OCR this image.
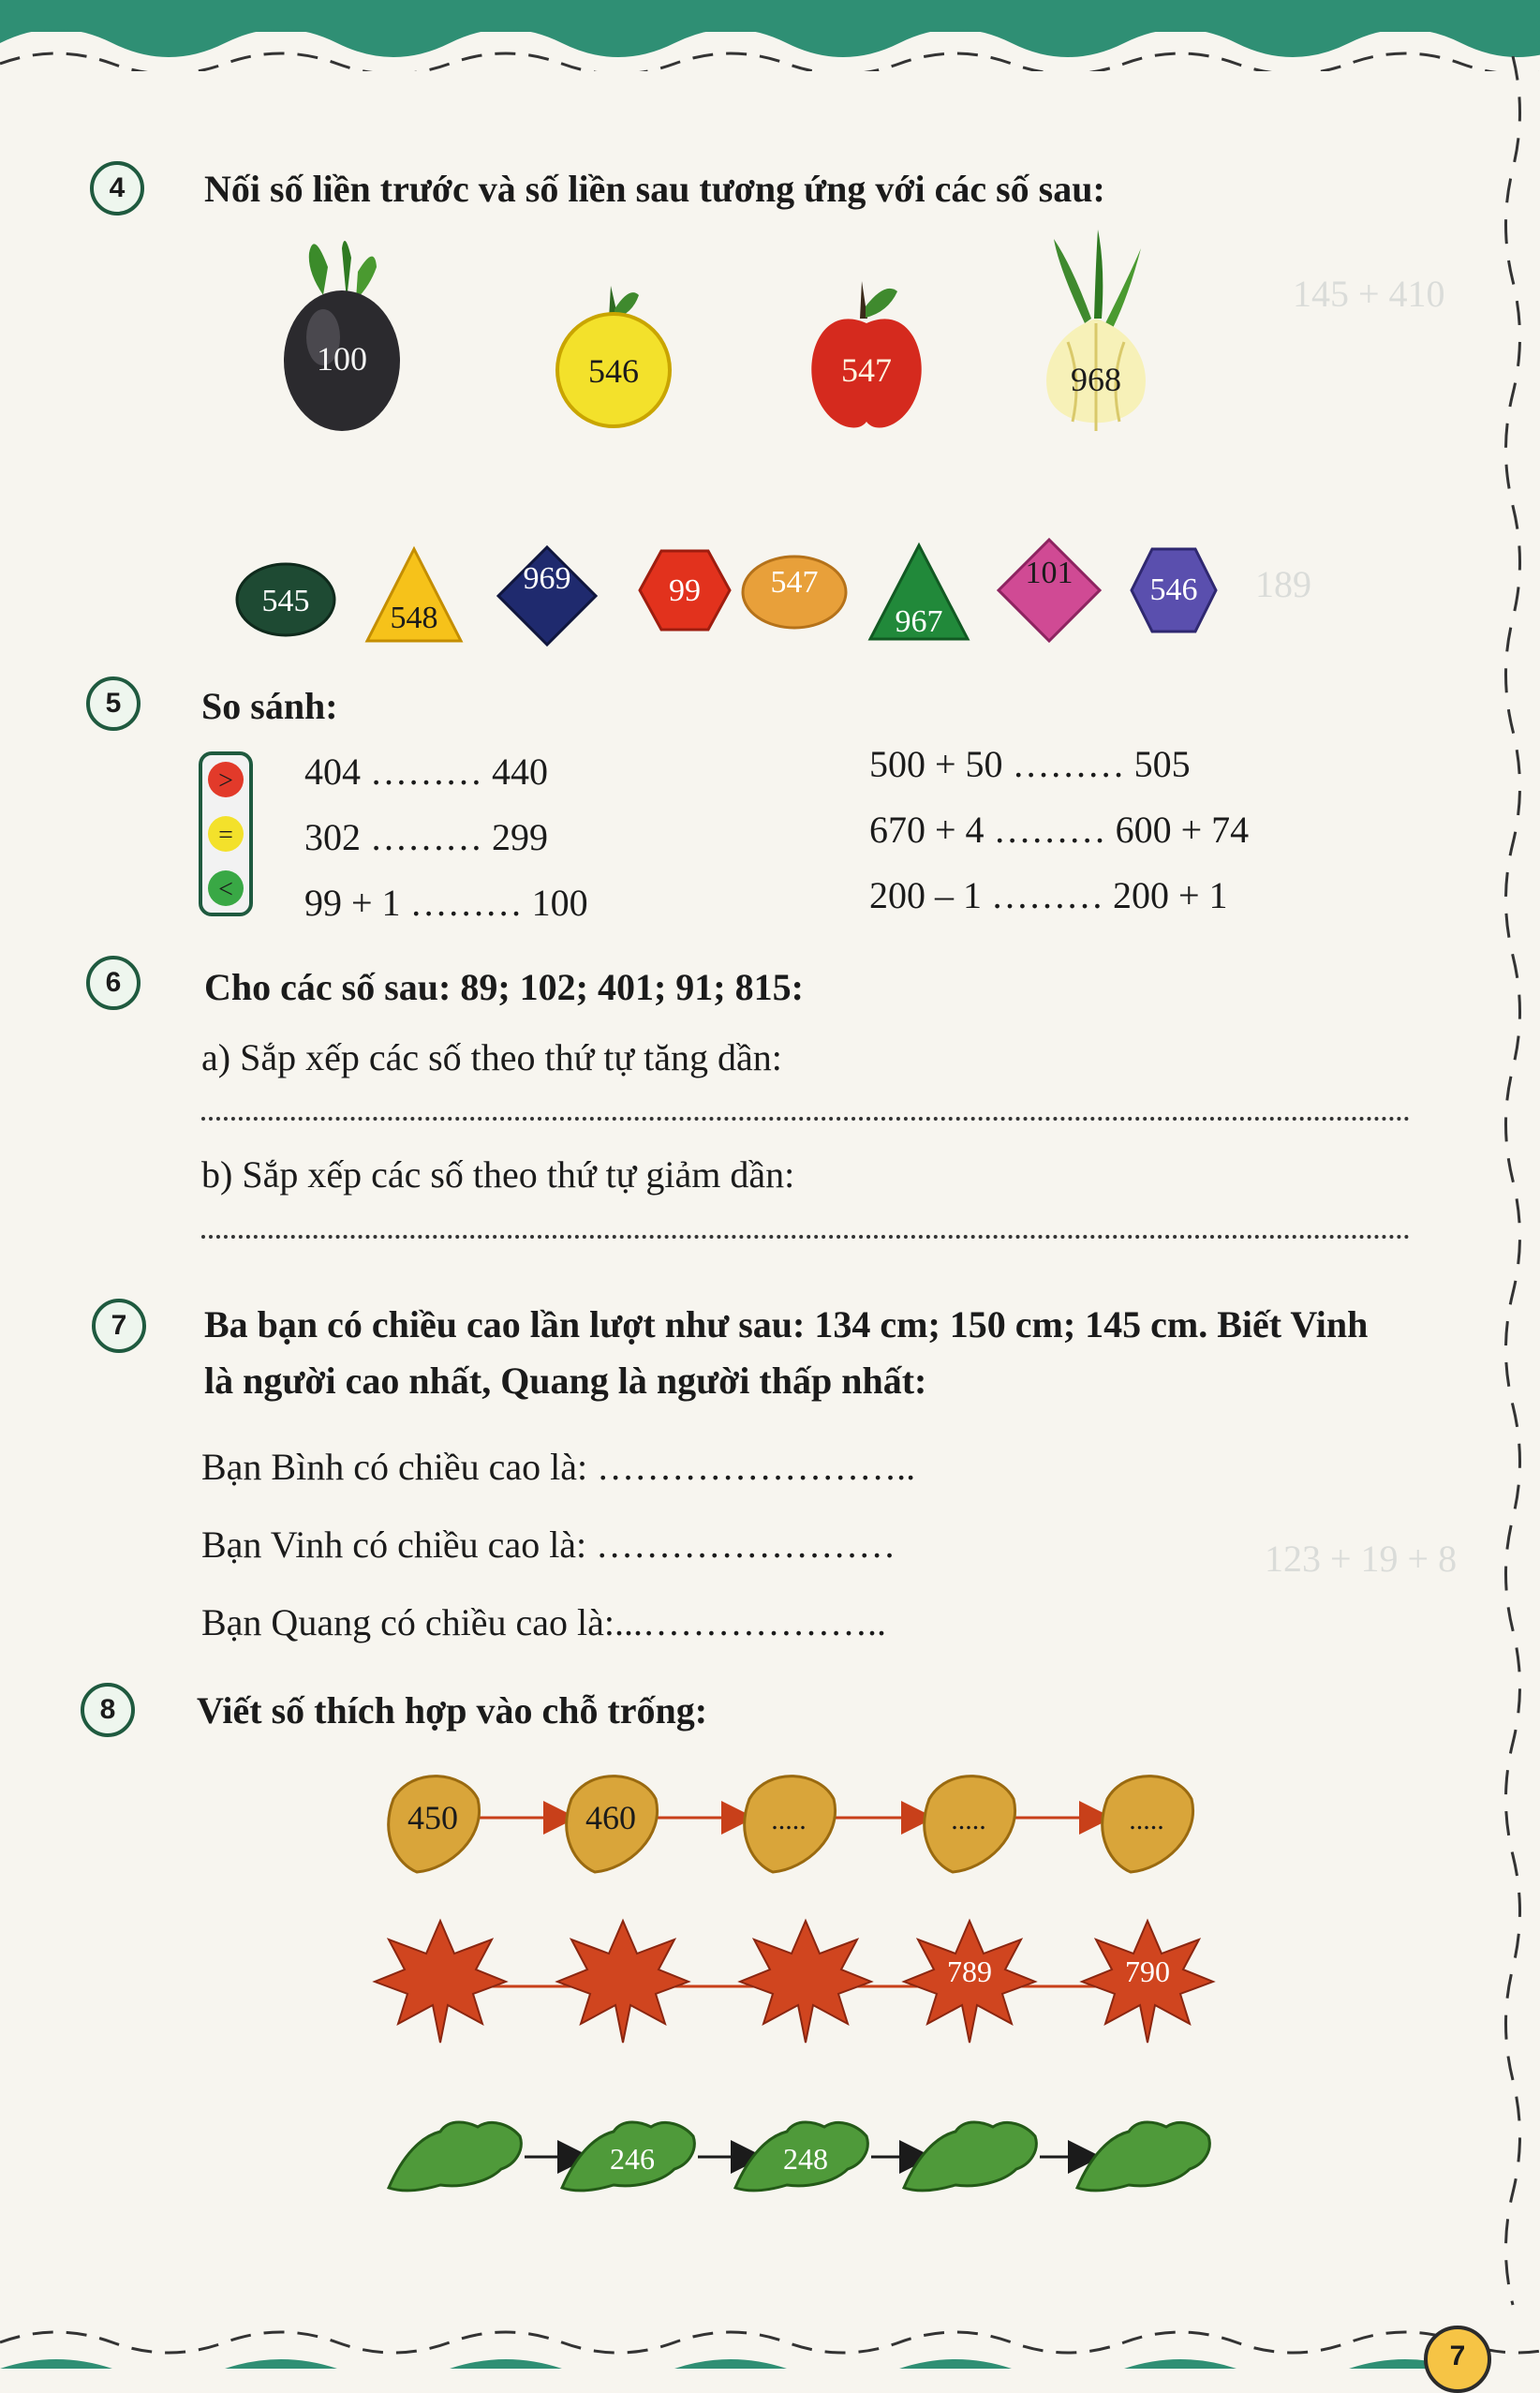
145 + 410
189
123 + 19 + 8
4	Nối số liền trước và số liền sau tương ứng với các số sau:
100	546	547	968
545	548
969	99 547
967
101 546
5	So sánh:
>
=
<
404 ……… 440
302 ……… 299
99 + 1 ……… 100
500 + 50 ……… 505
670 + 4 ……… 600 + 74
200 – 1 ……… 200 + 1
6	Cho các số sau: 89; 102; 401; 91; 815:
a) Sắp xếp các số theo thứ tự tăng dần:
b) Sắp xếp các số theo thứ tự giảm dần:
7	Ba bạn có chiều cao lần lượt như sau: 134 cm; 150 cm; 145 cm. Biết Vinh
là người cao nhất, Quang là người thấp nhất:
Bạn Bình có chiều cao là: ……………………..
Bạn Vinh có chiều cao là: ……………………
Bạn Quang có chiều cao là:...………………..
8	Viết số thích hợp vào chỗ trống:
450	460	.....	.....	.....
789	790
246	248
7
